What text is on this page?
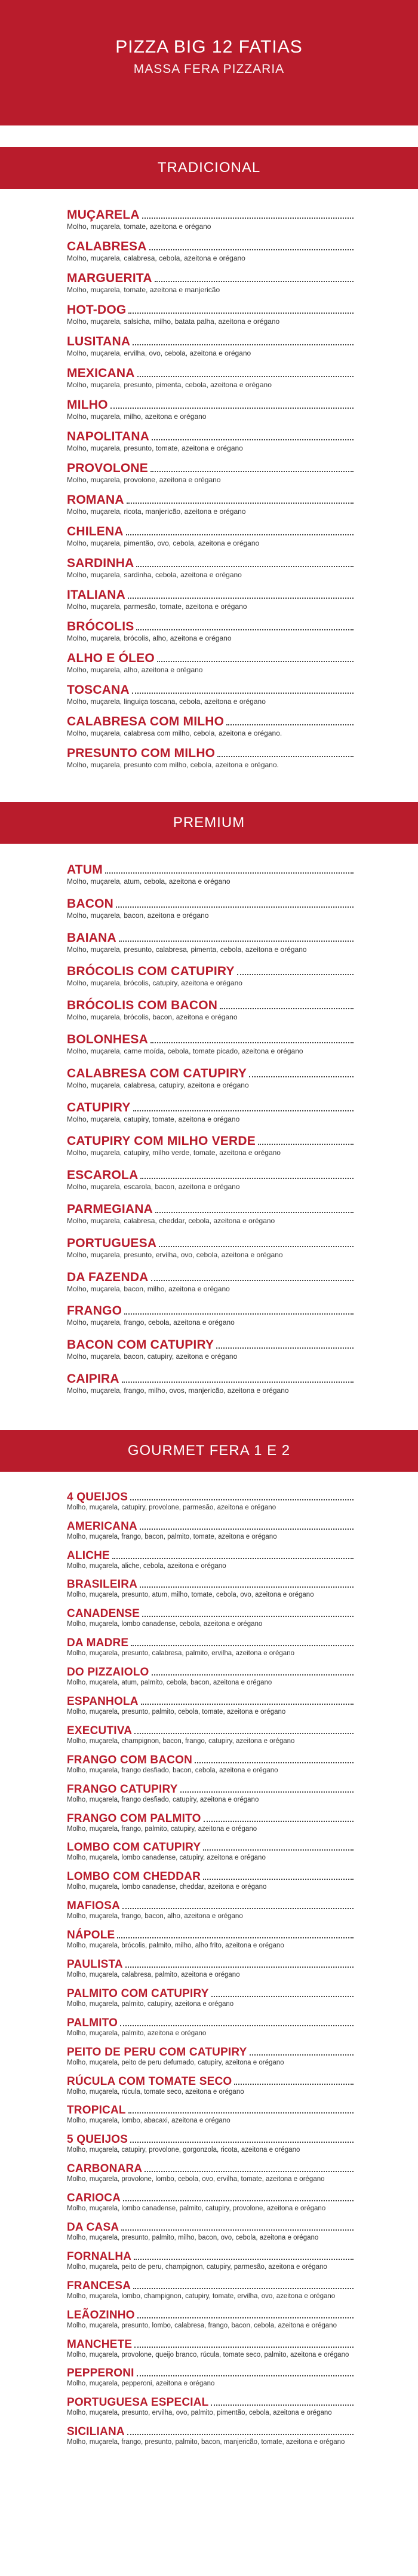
PIZZA BIG 12 FATIAS
MASSA FERA PIZZARIA
TRADICIONAL
MUÇARELA
Molho, muçarela, tomate, azeitona e orégano
CALABRESA
Molho, muçarela, calabresa, cebola, azeitona e orégano
MARGUERITA
Molho, muçarela, tomate, azeitona e manjericão
HOT-DOG
Molho, muçarela, salsicha, milho, batata palha, azeitona e orégano
LUSITANA
Molho, muçarela, ervilha, ovo, cebola, azeitona e orégano
MEXICANA
Molho, muçarela, presunto, pimenta, cebola, azeitona e orégano
MILHO
Molho, muçarela, milho, azeitona e orégano
NAPOLITANA
Molho, muçarela, presunto, tomate, azeitona e orégano
PROVOLONE
Molho, muçarela, provolone, azeitona e orégano
ROMANA
Molho, muçarela, ricota, manjericão, azeitona e orégano
CHILENA
Molho, muçarela, pimentão, ovo, cebola, azeitona e orégano
SARDINHA
Molho, muçarela, sardinha, cebola, azeitona e orégano
ITALIANA
Molho, muçarela, parmesão, tomate, azeitona e orégano
BRÓCOLIS
Molho, muçarela, brócolis, alho, azeitona e orégano
ALHO E ÓLEO
Molho, muçarela, alho, azeitona e orégano
TOSCANA
Molho, muçarela, linguiça toscana, cebola, azeitona e orégano
CALABRESA COM MILHO
Molho, muçarela, calabresa com milho, cebola, azeitona e orégano.
PRESUNTO COM MILHO
Molho, muçarela, presunto com milho, cebola, azeitona e orégano.
PREMIUM
ATUM
Molho, muçarela, atum, cebola, azeitona e orégano
BACON
Molho, muçarela, bacon, azeitona e orégano
BAIANA
Molho, muçarela, presunto, calabresa, pimenta, cebola, azeitona e orégano
BRÓCOLIS COM CATUPIRY
Molho, muçarela, brócolis, catupiry, azeitona e orégano
BRÓCOLIS COM BACON
Molho, muçarela, brócolis, bacon, azeitona e orégano
BOLONHESA
Molho, muçarela, carne moída, cebola, tomate picado, azeitona e orégano
CALABRESA COM CATUPIRY
Molho, muçarela, calabresa, catupiry, azeitona e orégano
CATUPIRY
Molho, muçarela, catupiry, tomate, azeitona e orégano
CATUPIRY COM MILHO VERDE
Molho, muçarela, catupiry, milho verde, tomate, azeitona e orégano
ESCAROLA
Molho, muçarela, escarola, bacon, azeitona e orégano
PARMEGIANA
Molho, muçarela, calabresa, cheddar, cebola, azeitona e orégano
PORTUGUESA
Molho, muçarela, presunto, ervilha, ovo, cebola, azeitona e orégano
DA FAZENDA
Molho, muçarela, bacon, milho, azeitona e orégano
FRANGO
Molho, muçarela, frango, cebola, azeitona e orégano
BACON COM CATUPIRY
Molho, muçarela, bacon, catupiry, azeitona e orégano
CAIPIRA
Molho, muçarela, frango, milho, ovos, manjericão, azeitona e orégano
GOURMET FERA 1 E 2
4 QUEIJOS
Molho, muçarela, catupiry, provolone, parmesão, azeitona e orégano
AMERICANA
Molho, muçarela, frango, bacon, palmito, tomate, azeitona e orégano
ALICHE
Molho, muçarela, aliche, cebola, azeitona e orégano
BRASILEIRA
Molho, muçarela, presunto, atum, milho, tomate, cebola, ovo, azeitona e orégano
CANADENSE
Molho, muçarela, lombo canadense, cebola, azeitona e orégano
DA MADRE
Molho, muçarela, presunto, calabresa, palmito, ervilha, azeitona e orégano
DO PIZZAIOLO
Molho, muçarela, atum, palmito, cebola, bacon, azeitona e orégano
ESPANHOLA
Molho, muçarela, presunto, palmito, cebola, tomate, azeitona e orégano
EXECUTIVA
Molho, muçarela, champignon, bacon, frango, catupiry, azeitona e orégano
FRANGO COM BACON
Molho, muçarela, frango desfiado, bacon, cebola, azeitona e orégano
FRANGO CATUPIRY
Molho, muçarela, frango desfiado, catupiry, azeitona e orégano
FRANGO COM PALMITO
Molho, muçarela, frango, palmito, catupiry, azeitona e orégano
LOMBO COM CATUPIRY
Molho, muçarela, lombo canadense, catupiry, azeitona e orégano
LOMBO COM CHEDDAR
Molho, muçarela, lombo canadense, cheddar, azeitona e orégano
MAFIOSA
Molho, muçarela, frango, bacon, alho, azeitona e orégano
NÁPOLE
Molho, muçarela, brócolis, palmito, milho, alho frito, azeitona e orégano
PAULISTA
Molho, muçarela, calabresa, palmito, azeitona e orégano
PALMITO COM CATUPIRY
Molho, muçarela, palmito, catupiry, azeitona e orégano
PALMITO
Molho, muçarela, palmito, azeitona e orégano
PEITO DE PERU COM CATUPIRY
Molho, muçarela, peito de peru defumado, catupiry, azeitona e orégano
RÚCULA COM TOMATE SECO
Molho, muçarela, rúcula, tomate seco, azeitona e orégano
TROPICAL
Molho, muçarela, lombo, abacaxi, azeitona e orégano
5 QUEIJOS
Molho, muçarela, catupiry, provolone, gorgonzola, ricota, azeitona e orégano
CARBONARA
Molho, muçarela, provolone, lombo, cebola, ovo, ervilha, tomate, azeitona e orégano
CARIOCA
Molho, muçarela, lombo canadense, palmito, catupiry, provolone, azeitona e orégano
DA CASA
Molho, muçarela, presunto, palmito, milho, bacon, ovo, cebola, azeitona e orégano
FORNALHA
Molho, muçarela, peito de peru, champignon, catupiry, parmesão, azeitona e orégano
FRANCESA
Molho, muçarela, lombo, champignon, catupiry, tomate, ervilha, ovo, azeitona e orégano
LEÃOZINHO
Molho, muçarela, presunto, lombo, calabresa, frango, bacon, cebola, azeitona e orégano
MANCHETE
Molho, muçarela, provolone, queijo branco, rúcula, tomate seco, palmito, azeitona e orégano
PEPPERONI
Molho, muçarela, pepperoni, azeitona e orégano
PORTUGUESA ESPECIAL
Molho, muçarela, presunto, ervilha, ovo, palmito, pimentão, cebola, azeitona e orégano
SICILIANA
Molho, muçarela, frango, presunto, palmito, bacon, manjericão, tomate, azeitona e orégano
